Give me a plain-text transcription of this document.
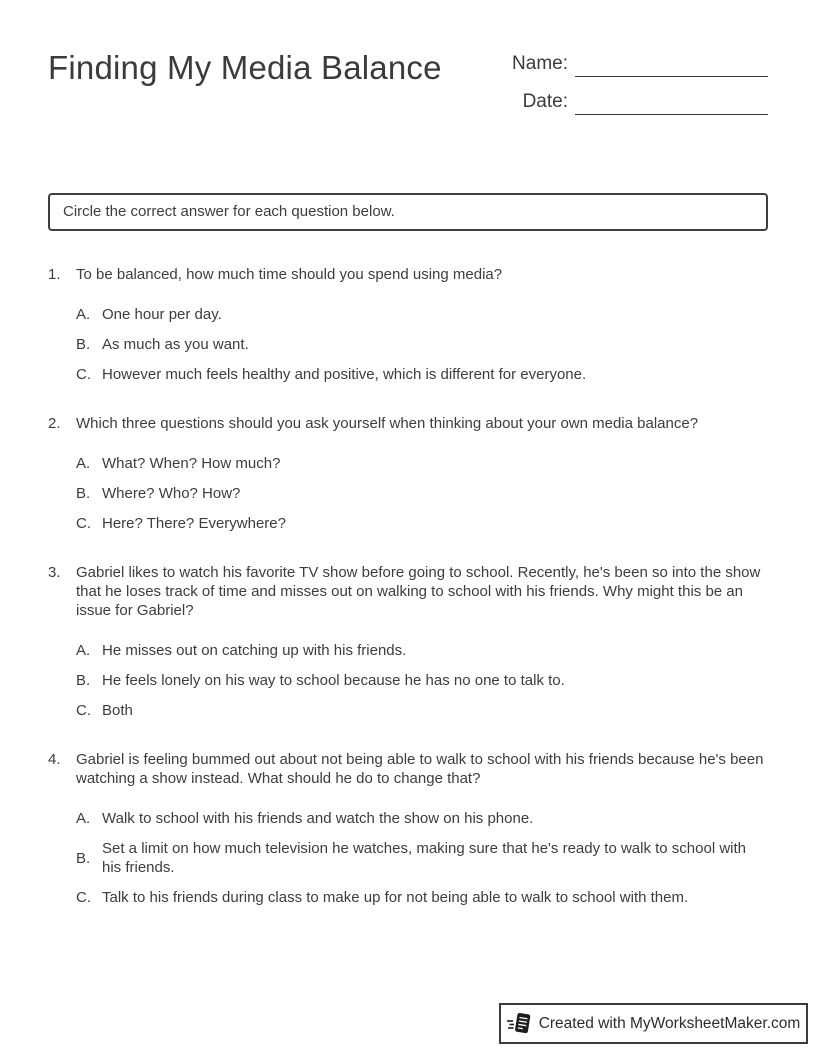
Finding My Media Balance	Name:
Date:
Circle the correct answer for each question below.
1.	To be balanced, how much time should you spend using media?

A. One hour per day.

B. As much as you want.

C. However much feels healthy and positive, which is different for everyone.

2.	Which three questions should you ask yourself when thinking about your own media balance?

A. What? When? How much?

B. Where? Who? How?

C. Here? There? Everywhere?

3.	Gabriel likes to watch his favorite TV show before going to school. Recently, he's been so into the show that he loses track of time and misses out on walking to school with his friends. Why might this be an issue for Gabriel?

A. He misses out on catching up with his friends.

B. He feels lonely on his way to school because he has no one to talk to.

C. Both

4.	Gabriel is feeling bummed out about not being able to walk to school with his friends because he's been watching a show instead. What should he do to change that?

A. Walk to school with his friends and watch the show on his phone.

B.

Set a limit on how much television he watches, making sure that he's ready to walk to school with his friends.

C. Talk to his friends during class to make up for not being able to walk to school with them.

Created with MyWorksheetMaker.com
